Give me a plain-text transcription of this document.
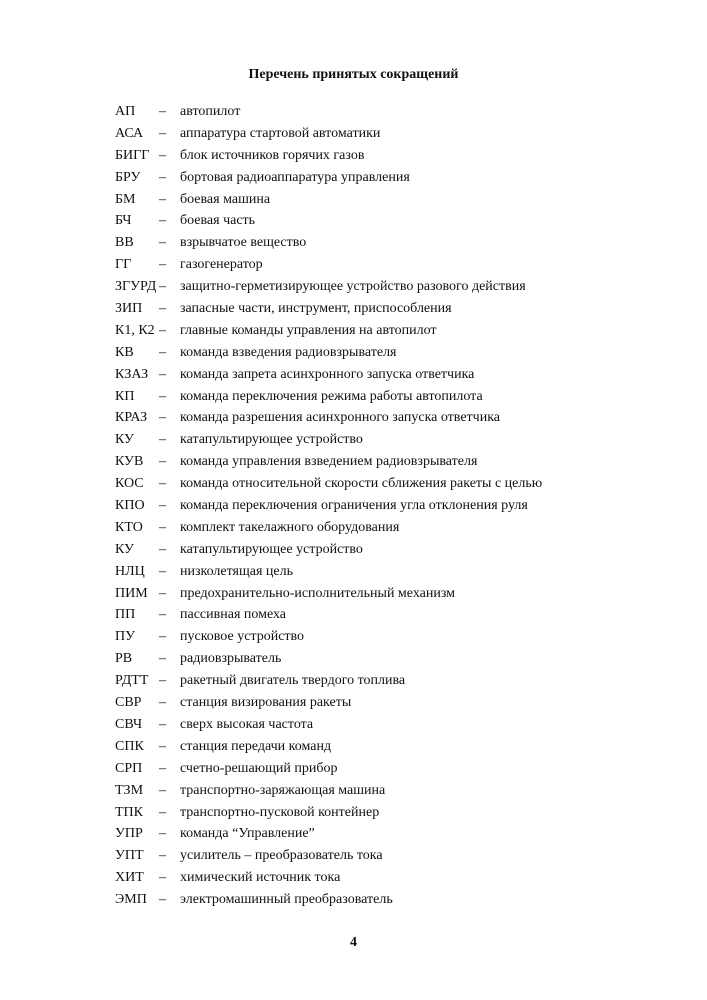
Перечень принятых сокращений
АП – автопилот
АСА – аппаратура стартовой автоматики
БИГГ – блок источников горячих газов
БРУ – бортовая радиоаппаратура управления
БМ – боевая машина
БЧ – боевая часть
ВВ – взрывчатое вещество
ГГ – газогенератор
ЗГУРД – защитно-герметизирующее устройство разового действия
ЗИП – запасные части, инструмент, приспособления
К1, К2 – главные команды управления на автопилот
КВ – команда взведения радиовзрывателя
КЗАЗ – команда запрета асинхронного запуска ответчика
КП – команда переключения режима работы автопилота
КРАЗ – команда разрешения асинхронного запуска ответчика
КУ – катапультирующее устройство
КУВ – команда управления взведением радиовзрывателя
КОС – команда относительной скорости сближения ракеты с целью
КПО – команда переключения ограничения угла отклонения руля
КТО – комплект такелажного оборудования
КУ – катапультирующее устройство
НЛЦ – низколетящая цель
ПИМ – предохранительно-исполнительный механизм
ПП – пассивная помеха
ПУ – пусковое устройство
РВ – радиовзрыватель
РДТТ – ракетный двигатель твердого топлива
СВР – станция визирования ракеты
СВЧ – сверх высокая частота
СПК – станция передачи команд
СРП – счетно-решающий прибор
ТЗМ – транспортно-заряжающая машина
ТПК – транспортно-пусковой контейнер
УПР – команда “Управление”
УПТ – усилитель – преобразователь тока
ХИТ – химический источник тока
ЭМП – электромашинный преобразователь
4
